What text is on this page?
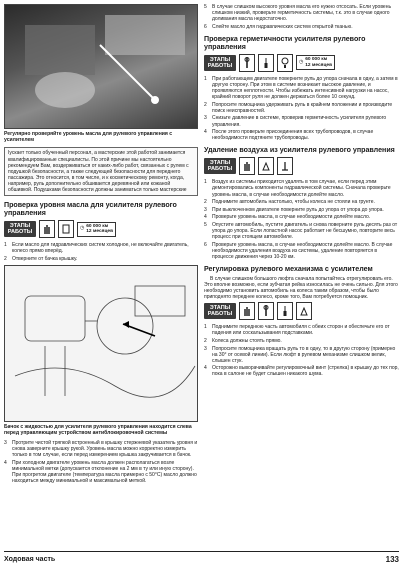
Регулярно проверяйте уровень масла для рулевого управления с усилителем
Іускает только обученный персонал, а мастерские этой работой занимается квалифицированные специалисты. По этой причине мы настоятельно рекомендуем Вам, воздерживаться от каких-либо работ, связанных с рулем с подушкой безопасности, а также следующей безопасности для переднего пассажира. Это относится, в том числе, и к косметическому ремонту, когда, например, руль дополнительно обшивается деревянной или кожаной обшивкой. Подушками безопасности должны заниматься только мастерские
Проверка уровня масла для усилителя рулевого управления
ЭТАПЫ РАБОТЫ
◷
60 000 км
12 месяцев
1	Если масло для гидравлических систем холодное, не включайте двигатель, колесо прямо вперёд.
2	Отверните от бачка крышку.
Бачок с жидкостью для усилителя рулевого управления находится слева перед управляющим устройством антиблокировочной системы
3	Протрите чистой тряпкой встроенный в крышку стержневой указатель уровня и снова заверните крышку рукой. Уровень масла можно корректно измерить только в том случае, если перед измерением крышка закручивается в бачок.
4	При холодном двигателе уровень масла должен располагаться возле минимальной метки (допускается отклонение на 2 мм в ту или иную сторону). При прогретом двигателе (температура масла примерно с 50°C) масло должно находиться между минимальной и максимальной меткой.
5	В случае слишком высокого уровня масла его нужно отсосать. Если уровень слишком низкий, проверьте герметичность системы, т.к. это в случае одного доливания масла недостаточно.
6	Слейте масло для гидравлических систем открытой тканью.
Проверка герметичности усилителя рулевого управления
ЭТАПЫ РАБОТЫ
◷
60 000 км
12 месяцев
1	При работающем двигателе поверните руль до упора сначала в одну, а затем в другую сторону. При этом в системе возникает высокое давление, и проявляются неплотности. Чтобы избежать интенсивной нагрузки на насос, крайний поворот руля не должен держаться более 10 секунд.
2	Попросите помощника удерживать руль в крайнем положении и производите поиск неисправностей.
3	Снизьте давление в системе, проверив герметичность усилителя рулевого управления.
4	После этого проверьте присоединения всех трубопроводов, в случае необходимости подтяните трубопроводы.
Удаление воздуха из усилителя рулевого управления
ЭТАПЫ РАБОТЫ
1	Воздух из системы приходится удалять в том случае, если перед этим демонтировались компоненты гидравлической системы. Сначала проверьте уровень масла, в случае необходимости долейте масло.
2	Поднимите автомобиль настолько, чтобы колеса не стояли на грунте.
3	При выключенном двигателе поверните руль до упора от упора до упора.
4	Проверьте уровень масла, в случае необходимости долейте масло.
5	Опустите автомобиль, пустите двигатель и снова поверните руль десять раз от упора до упора. Если лопастной насос работает не бесшумно, повторите весь процесс при стоящем автомобиле.
6	Проверьте уровень масла, в случае необходимости долейте масло. В случае необходимости удаления воздуха из системы, удаление повторяется в процессе движения через 10-20 км.
Регулировка рулевого механизма с усилителем

В случае слишком большого люфта сначала попытайтесь отрегулировать его. Это вполне возможно, если зубчатая рейка износилась не очень сильно. Для этого необходимо установить автомобиль на колеса таким образом, чтобы было приподнято переднее колесо, кроме того, Вам потребуется помощник.

ЭТАПЫ РАБОТЫ
1	Поднимите переднюю часть автомобиля с обеих сторон и обеспечьте его от падения или соскальзывания подставками.
2	Колеса должны стоять прямо.
3	Попросите помощника вращать руль то в одну, то в другую сторону (примерно на 30° от осевой линии). Если люфт в рулевом механизме слишком велик, слышен стук.
4	Осторожно выворачивайте регулировочный винт (стрелка) в крышку до тех пор, пока в салоне не будет слышен никакого шума.
Ходовая часть	133
